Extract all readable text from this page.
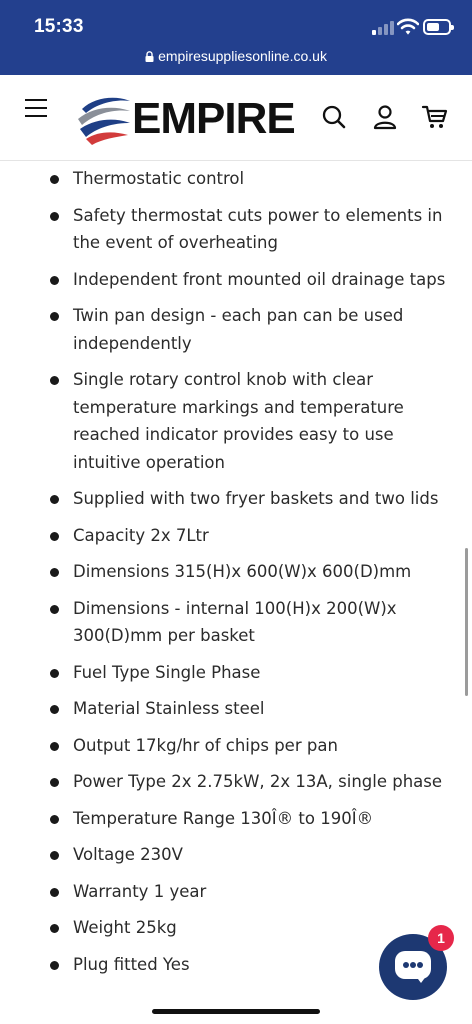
15:33
empiresuppliesonline.co.uk
EMPIRE
Thermostatic control
Safety thermostat cuts power to elements in the event of overheating
Independent front mounted oil drainage taps
Twin pan design - each pan can be used independently
Single rotary control knob with clear temperature markings and temperature reached indicator provides easy to use intuitive operation
Supplied with two fryer baskets and two lids
Capacity 2x 7Ltr
Dimensions 315(H)x 600(W)x 600(D)mm
Dimensions - internal 100(H)x 200(W)x 300(D)mm per basket
Fuel Type Single Phase
Material Stainless steel
Output 17kg/hr of chips per pan
Power Type 2x 2.75kW, 2x 13A, single phase
Temperature Range 130Î® to 190Î®
Voltage 230V
Warranty 1 year
Weight 25kg
Plug fitted Yes
1
